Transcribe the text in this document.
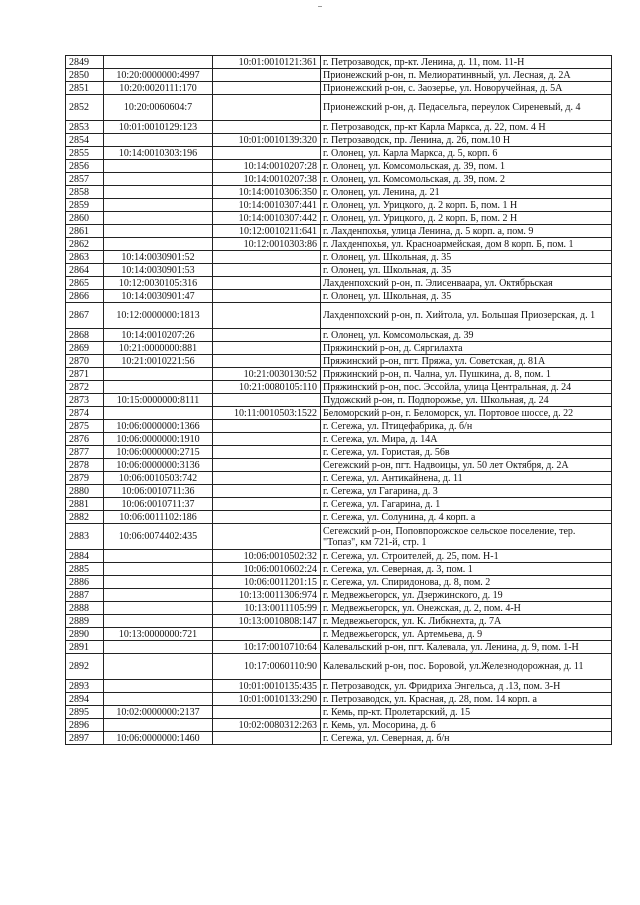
2849		10:01:0010121:361	г. Петрозаводск, пр-кт. Ленина, д. 11, пом. 11-Н
2850	10:20:0000000:4997		Прионежский р-он, п. Мелиоратинвный, ул. Лесная, д. 2А
2851	10:20:0020111:170		Прионежский р-он, с. Заозерье, ул. Новоручейная, д. 5А
2852	10:20:0060604:7		Прионежский р-он, д. Педасельга, переулок Сиреневый, д. 4
2853	10:01:0010129:123		г. Петрозаводск, пр-кт Карла Маркса, д. 22, пом. 4 Н
2854		10:01:0010139:320	г. Петрозаводск, пр. Ленина, д. 26, пом.10 Н
2855	10:14:0010303:196		г. Олонец, ул. Карла Маркса, д. 5, корп. 6
2856		10:14:0010207:28	г. Олонец, ул. Комсомольская, д. 39, пом. 1
2857		10:14:0010207:38	г. Олонец, ул. Комсомольская, д. 39, пом. 2
2858		10:14:0010306:350	г. Олонец, ул. Ленина, д. 21
2859		10:14:0010307:441	г. Олонец, ул. Урицкого, д. 2 корп. Б, пом. 1 Н
2860		10:14:0010307:442	г. Олонец, ул. Урицкого, д. 2 корп. Б, пом. 2 Н
2861		10:12:0010211:641	г. Лахденпохья, улица Ленина, д. 5 корп. а, пом. 9
2862		10:12:0010303:86	г. Лахденпохья, ул. Красноармейская, дом 8 корп. Б, пом. 1
2863	10:14:0030901:52		г. Олонец, ул. Школьная, д. 35
2864	10:14:0030901:53		г. Олонец, ул. Школьная, д. 35
2865	10:12:0030105:316		Лахденпохский р-он, п. Элисенваара, ул. Октябрьская
2866	10:14:0030901:47		г. Олонец, ул. Школьная, д. 35
2867	10:12:0000000:1813		Лахденпохский р-он, п. Хийтола, ул. Большая Приозерская, д. 1
2868	10:14:0010207:26		г. Олонец, ул. Комсомольская, д. 39
2869	10:21:0000000:881		Пряжинский р-он, д. Сяргилахта
2870	10:21:0010221:56		Пряжинский р-он, пгт. Пряжа, ул. Советская, д. 81А
2871		10:21:0030130:52	Пряжинский р-он, п. Чална, ул. Пушкина, д. 8, пом. 1
2872		10:21:0080105:110	Пряжинский р-он, пос. Эссойла, улица Центральная, д. 24
2873	10:15:0000000:8111		Пудожский р-он, п. Подпорожье, ул. Школьная, д. 24
2874		10:11:0010503:1522	Беломорский р-он, г. Беломорск, ул. Портовое шоссе, д. 22
2875	10:06:0000000:1366		г. Сегежа, ул. Птицефабрика, д. б/н
2876	10:06:0000000:1910		г. Сегежа, ул. Мира, д. 14А
2877	10:06:0000000:2715		г. Сегежа, ул. Гористая, д. 56в
2878	10:06:0000000:3136		Сегежский р-он, пгт. Надвоицы, ул. 50 лет Октября, д. 2А
2879	10:06:0010503:742		г. Сегежа, ул. Антикайнена, д. 11
2880	10:06:0010711:36		г. Сегежа, ул Гагарина, д. 3
2881	10:06:0010711:37		г. Сегежа, ул. Гагарина, д. 1
2882	10:06:0011102:186		г. Сегежа, ул. Солунина, д. 4 корп. а
2883	10:06:0074402:435		Сегежский р-он, Поповпорожское сельское поселение, тер. "Топаз", км 721-й, стр. 1
2884		10:06:0010502:32	г. Сегежа, ул. Строителей, д. 25, пом. Н-1
2885		10:06:0010602:24	г. Сегежа, ул. Северная, д. 3, пом. 1
2886		10:06:0011201:15	г. Сегежа, ул. Спиридонова, д. 8, пом. 2
2887		10:13:0011306:974	г. Медвежьегорск, ул. Дзержинского, д. 19
2888		10:13:0011105:99	г. Медвежьегорск, ул. Онежская, д. 2, пом. 4-Н
2889		10:13:0010808:147	г. Медвежьегорск, ул. К. Либкнехта, д. 7А
2890	10:13:0000000:721		г. Медвежьегорск, ул. Артемьева, д. 9
2891		10:17:0010710:64	Калевальский р-он, пгт. Калевала, ул. Ленина, д. 9, пом. 1-Н
2892		10:17:0060110:90	Калевальский р-он, пос. Боровой, ул.Железнодорожная, д. 11
2893		10:01:0010135:435	г. Петрозаводск, ул. Фридриха Энгельса, д .13, пом. 3-Н
2894		10:01:0010133:290	г. Петрозаводск, ул. Красная, д. 28, пом. 14 корп. а
2895	10:02:0000000:2137		г. Кемь, пр-кт. Пролетарский, д. 15
2896		10:02:0080312:263	г. Кемь, ул. Мосорина, д. 6
2897	10:06:0000000:1460		г. Сегежа, ул. Северная, д. б/н
